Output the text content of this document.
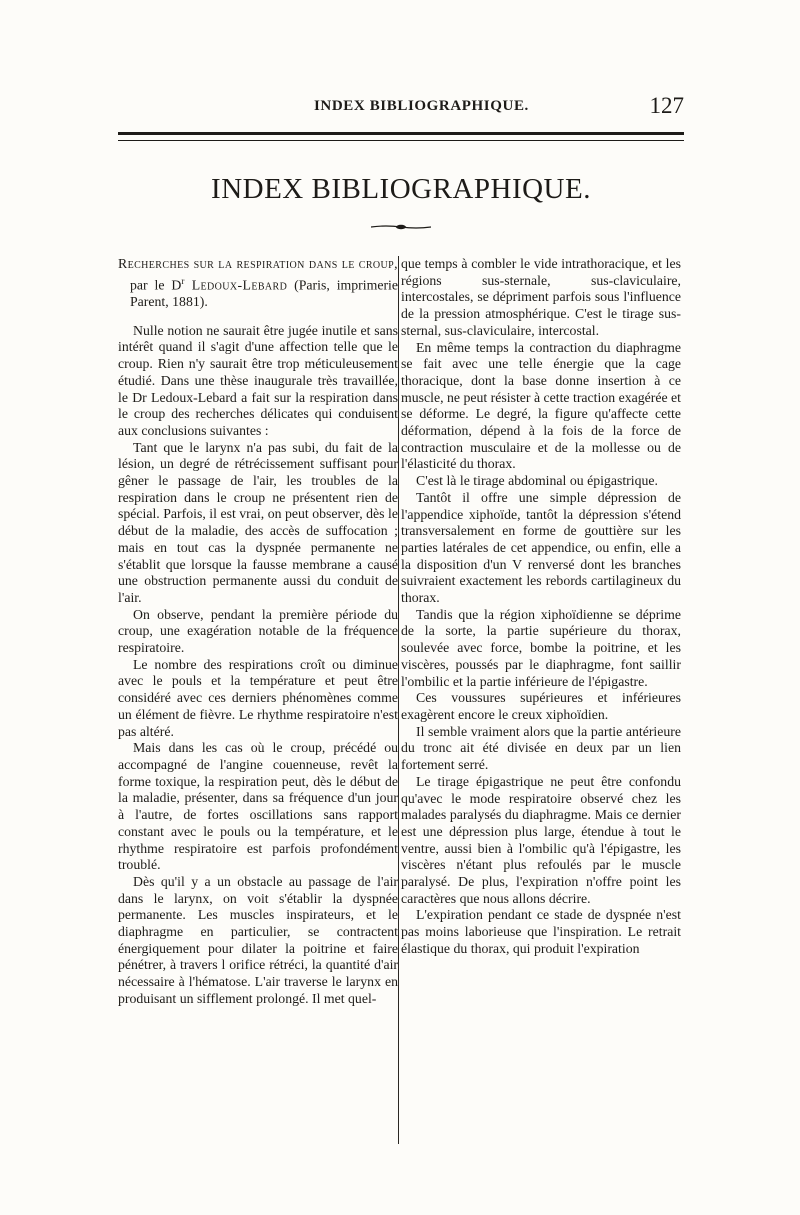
INDEX BIBLIOGRAPHIQUE.	127
INDEX BIBLIOGRAPHIQUE.

Recherches sur la respiration dans le croup, par le $D^r$ Ledoux-Lebard (Paris, imprimerie Parent, 1881).

Nulle notion ne saurait être jugée inutile et sans intérêt quand il s'agit d'une affection telle que le croup. Rien n'y saurait être trop méticuleusement étudié. Dans une thèse inaugurale très travaillée, le Dr Ledoux-Lebard a fait sur la respiration dans le croup des recherches délicates qui conduisent aux conclusions suivantes :

Tant que le larynx n'a pas subi, du fait de la lésion, un degré de rétrécissement suffisant pour gêner le passage de l'air, les troubles de la respiration dans le croup ne présentent rien de spécial. Parfois, il est vrai, on peut observer, dès le début de la maladie, des accès de suffocation ; mais en tout cas la dyspnée permanente ne s'établit que lorsque la fausse membrane a causé une obstruction permanente aussi du conduit de l'air.

On observe, pendant la première période du croup, une exagération notable de la fréquence respiratoire.

Le nombre des respirations croît ou diminue avec le pouls et la température et peut être considéré avec ces derniers phénomènes comme un élément de fièvre. Le rhythme respiratoire n'est pas altéré.

Mais dans les cas où le croup, précédé ou accompagné de l'angine couenneuse, revêt la forme toxique, la respiration peut, dès le début de la maladie, présenter, dans sa fréquence d'un jour à l'autre, de fortes oscillations sans rapport constant avec le pouls ou la température, et le rhythme respiratoire est parfois profondément troublé.

Dès qu'il y a un obstacle au passage de l'air dans le larynx, on voit s'établir la dyspnée permanente. Les muscles inspirateurs, et le diaphragme en particulier, se contractent énergiquement pour dilater la poitrine et faire pénétrer, à travers l orifice rétréci, la quantité d'air nécessaire à l'hématose. L'air traverse le larynx en produisant un sifflement prolongé. Il met quel-

que temps à combler le vide intrathoracique, et les régions sus-sternale, sus-claviculaire, intercostales, se dépriment parfois sous l'influence de la pression atmosphérique. C'est le tirage sus-sternal, sus-claviculaire, intercostal.

En même temps la contraction du diaphragme se fait avec une telle énergie que la cage thoracique, dont la base donne insertion à ce muscle, ne peut résister à cette traction exagérée et se déforme. Le degré, la figure qu'affecte cette déformation, dépend à la fois de la force de contraction musculaire et de la mollesse ou de l'élasticité du thorax.

C'est là le tirage abdominal ou épigastrique.

Tantôt il offre une simple dépression de l'appendice xiphoïde, tantôt la dépression s'étend transversalement en forme de gouttière sur les parties latérales de cet appendice, ou enfin, elle a la disposition d'un V renversé dont les branches suivraient exactement les rebords cartilagineux du thorax.

Tandis que la région xiphoïdienne se déprime de la sorte, la partie supérieure du thorax, soulevée avec force, bombe la poitrine, et les viscères, poussés par le diaphragme, font saillir l'ombilic et la partie inférieure de l'épigastre.

Ces voussures supérieures et inférieures exagèrent encore le creux xiphoïdien.

Il semble vraiment alors que la partie antérieure du tronc ait été divisée en deux par un lien fortement serré.

Le tirage épigastrique ne peut être confondu qu'avec le mode respiratoire observé chez les malades paralysés du diaphragme. Mais ce dernier est une dépression plus large, étendue à tout le ventre, aussi bien à l'ombilic qu'à l'épigastre, les viscères n'étant plus refoulés par le muscle paralysé. De plus, l'expiration n'offre point les caractères que nous allons décrire.

L'expiration pendant ce stade de dyspnée n'est pas moins laborieuse que l'inspiration. Le retrait élastique du thorax, qui produit l'expiration
